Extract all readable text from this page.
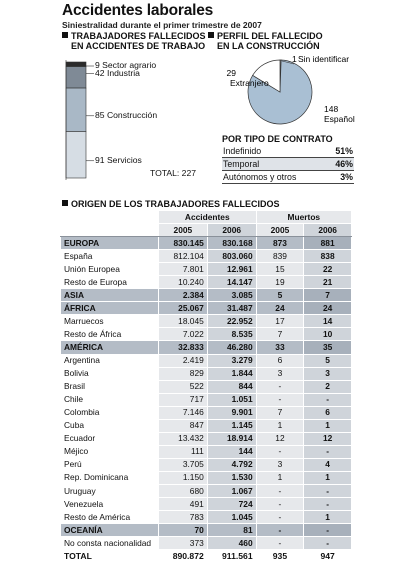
Accidentes laborales
Siniestralidad durante el primer trimestre de 2007
TRABAJADORES FALLECIDOS
EN ACCIDENTES DE TRABAJO
9 Sector agrario
42 Industria
85 Construcción
91 Servicios
TOTAL: 227
PERFIL DEL FALLECIDO
EN LA CONSTRUCCIÓN
1 Sin identificar
29
Extranjero
148
Español
POR TIPO DE CONTRATO
Indefinido	51%
Temporal	46%
Autónomos y otros	3%
ORIGEN DE LOS TRABAJADORES FALLECIDOS
	Accidentes		Muertos	
	2005	2006	2005	2006
EUROPA	830.145	830.168	873	881
España	812.104	803.060	839	838
Unión Europea	7.801	12.961	15	22
Resto de Europa	10.240	14.147	19	21
ASIA	2.384	3.085	5	7
ÁFRICA	25.067	31.487	24	24
Marruecos	18.045	22.952	17	14
Resto de África	7.022	8.535	7	10
AMÉRICA	32.833	46.280	33	35
Argentina	2.419	3.279	6	5
Bolivia	829	1.844	3	3
Brasil	522	844	-	2
Chile	717	1.051	-	-
Colombia	7.146	9.901	7	6
Cuba	847	1.145	1	1
Ecuador	13.432	18.914	12	12
Méjico	111	144	-	-
Perú	3.705	4.792	3	4
Rep. Dominicana	1.150	1.530	1	1
Uruguay	680	1.067	-	-
Venezuela	491	724	-	-
Resto de América	783	1.045	-	1
OCEANÍA	70	81	-	-
No consta nacionalidad	373	460	-	-
TOTAL	890.872	911.561	935	947
